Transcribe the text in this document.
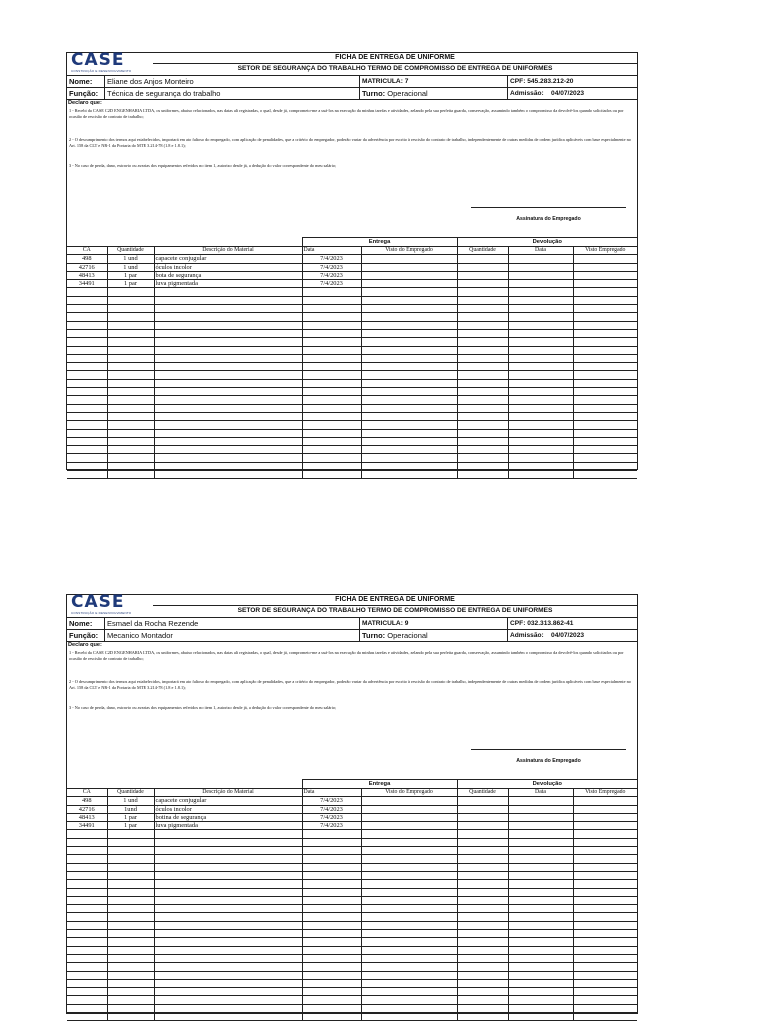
CASE
CONSTRUÇÃO E DESENVOLVIMENTO
FICHA DE ENTREGA DE UNIFORME
SETOR DE SEGURANÇA DO TRABALHO TERMO DE COMPROMISSO DE ENTREGA DE UNIFORMES
Nome:	Eliane dos Anjos Monteiro	MATRICULA: 7	CPF: 545.283.212-20
Função:	Técnica de segurança do trabalho	Turno: Operacional	Admissão: 04/07/2023
Declaro que:

1 - Recebi da CASE C2D ENGENHARIA LTDA, os uniformes, abaixo relacionados, nas datas ali registradas, o qual, desde já, comprometo-me a usá-los na execução da minhas tarefas e atividades, zelando pela sua perfeita guarda, conservação, assumindo também o compromisso da devolvê-los quando solicitados ou por ocasião de rescisão de contrato de trabalho;

2 - O descumprimento dos termos aqui estabelecidos, importará em ato faltoso do empregado, com aplicação de penalidades, que a critério do empregador, poderão variar da advertência por escrito à rescisão do contrato de trabalho, independentemente de outras medidas de ordem jurídica aplicáveis com base especialmente no Art. 158 da CLT e NR-1 da Portaria do MTE 3.214-78 (1.8 e 1.8.1);

3 - No caso de perda, dano, extravio ou avarias dos equipamentos referidos no item 1, autorizo desde já, a dedução do valor correspondente do meu salário;

Assinatura do Empregado
			Entrega		Devolução		
CA	Quantidade	Descrição do Material	Data	Visto do Empregado	Quantidade	Data	Visto Empregado
498	1 und	capacete conjugular	7/4/2023				
42716	1 und	óculos incolor	7/4/2023				
48413	1 par	bota de segurança	7/4/2023				
34491	1 par	luva pigmentada	7/4/2023				

CASE
CONSTRUÇÃO E DESENVOLVIMENTO
FICHA DE ENTREGA DE UNIFORME
SETOR DE SEGURANÇA DO TRABALHO TERMO DE COMPROMISSO DE ENTREGA DE UNIFORMES
Nome:	Esmael da Rocha Rezende	MATRICULA: 9	CPF: 032.313.862-41
Função:	Mecanico Montador	Turno: Operacional	Admissão: 04/07/2023
Declaro que:

1 - Recebi da CASE C2D ENGENHARIA LTDA, os uniformes, abaixo relacionados, nas datas ali registradas, o qual, desde já, comprometo-me a usá-los na execução da minhas tarefas e atividades, zelando pela sua perfeita guarda, conservação, assumindo também o compromisso da devolvê-los quando solicitados ou por ocasião de rescisão de contrato de trabalho;

2 - O descumprimento dos termos aqui estabelecidos, importará em ato faltoso do empregado, com aplicação de penalidades, que a critério do empregador, poderão variar da advertência por escrito à rescisão do contrato de trabalho, independentemente de outras medidas de ordem jurídica aplicáveis com base especialmente no Art. 158 da CLT e NR-1 da Portaria do MTE 3.214-78 (1.8 e 1.8.1);

3 - No caso de perda, dano, extravio ou avarias dos equipamentos referidos no item 1, autorizo desde já, a dedução do valor correspondente do meu salário;

Assinatura do Empregado
			Entrega		Devolução		
CA	Quantidade	Descrição do Material	Data	Visto do Empregado	Quantidade	Data	Visto Empregado
498	1 und	capacete conjugular	7/4/2023				
42716	1und	óculos incolor	7/4/2023				
48413	1 par	botina de segurança	7/4/2023				
34491	1 par	luva pigmentada	7/4/2023				
